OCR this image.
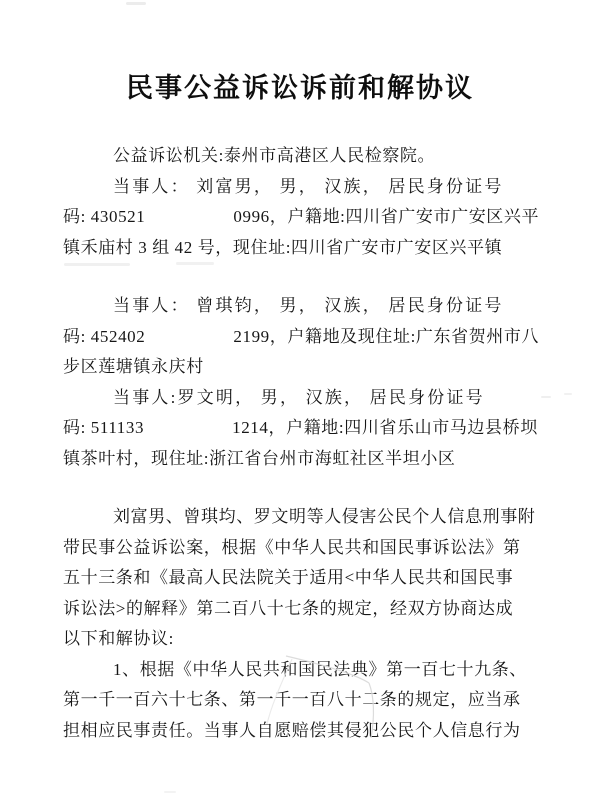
民事公益诉讼诉前和解协议
公益诉讼机关:泰州市高港区人民检察院。
当事人： 刘富男， 男， 汉族， 居民身份证号
码: 430521　　　　　0996，户籍地:四川省广安市广安区兴平
镇禾庙村 3 组 42 号，现住址:四川省广安市广安区兴平镇
当事人： 曾琪钧， 男， 汉族， 居民身份证号
码: 452402　　　　　2199，户籍地及现住址:广东省贺州市八
步区莲塘镇永庆村
当事人:罗文明， 男， 汉族， 居民身份证号
码: 511133　　　　　1214，户籍地:四川省乐山市马边县桥坝
镇茶叶村，现住址:浙江省台州市海虹社区半坦小区
刘富男、曾琪均、罗文明等人侵害公民个人信息刑事附
带民事公益诉讼案，根据《中华人民共和国民事诉讼法》第
五十三条和《最高人民法院关于适用<中华人民共和国民事
诉讼法>的解释》第二百八十七条的规定，经双方协商达成
以下和解协议:
1、根据《中华人民共和国民法典》第一百七十九条、
第一千一百六十七条、第一千一百八十二条的规定，应当承
担相应民事责任。当事人自愿赔偿其侵犯公民个人信息行为
